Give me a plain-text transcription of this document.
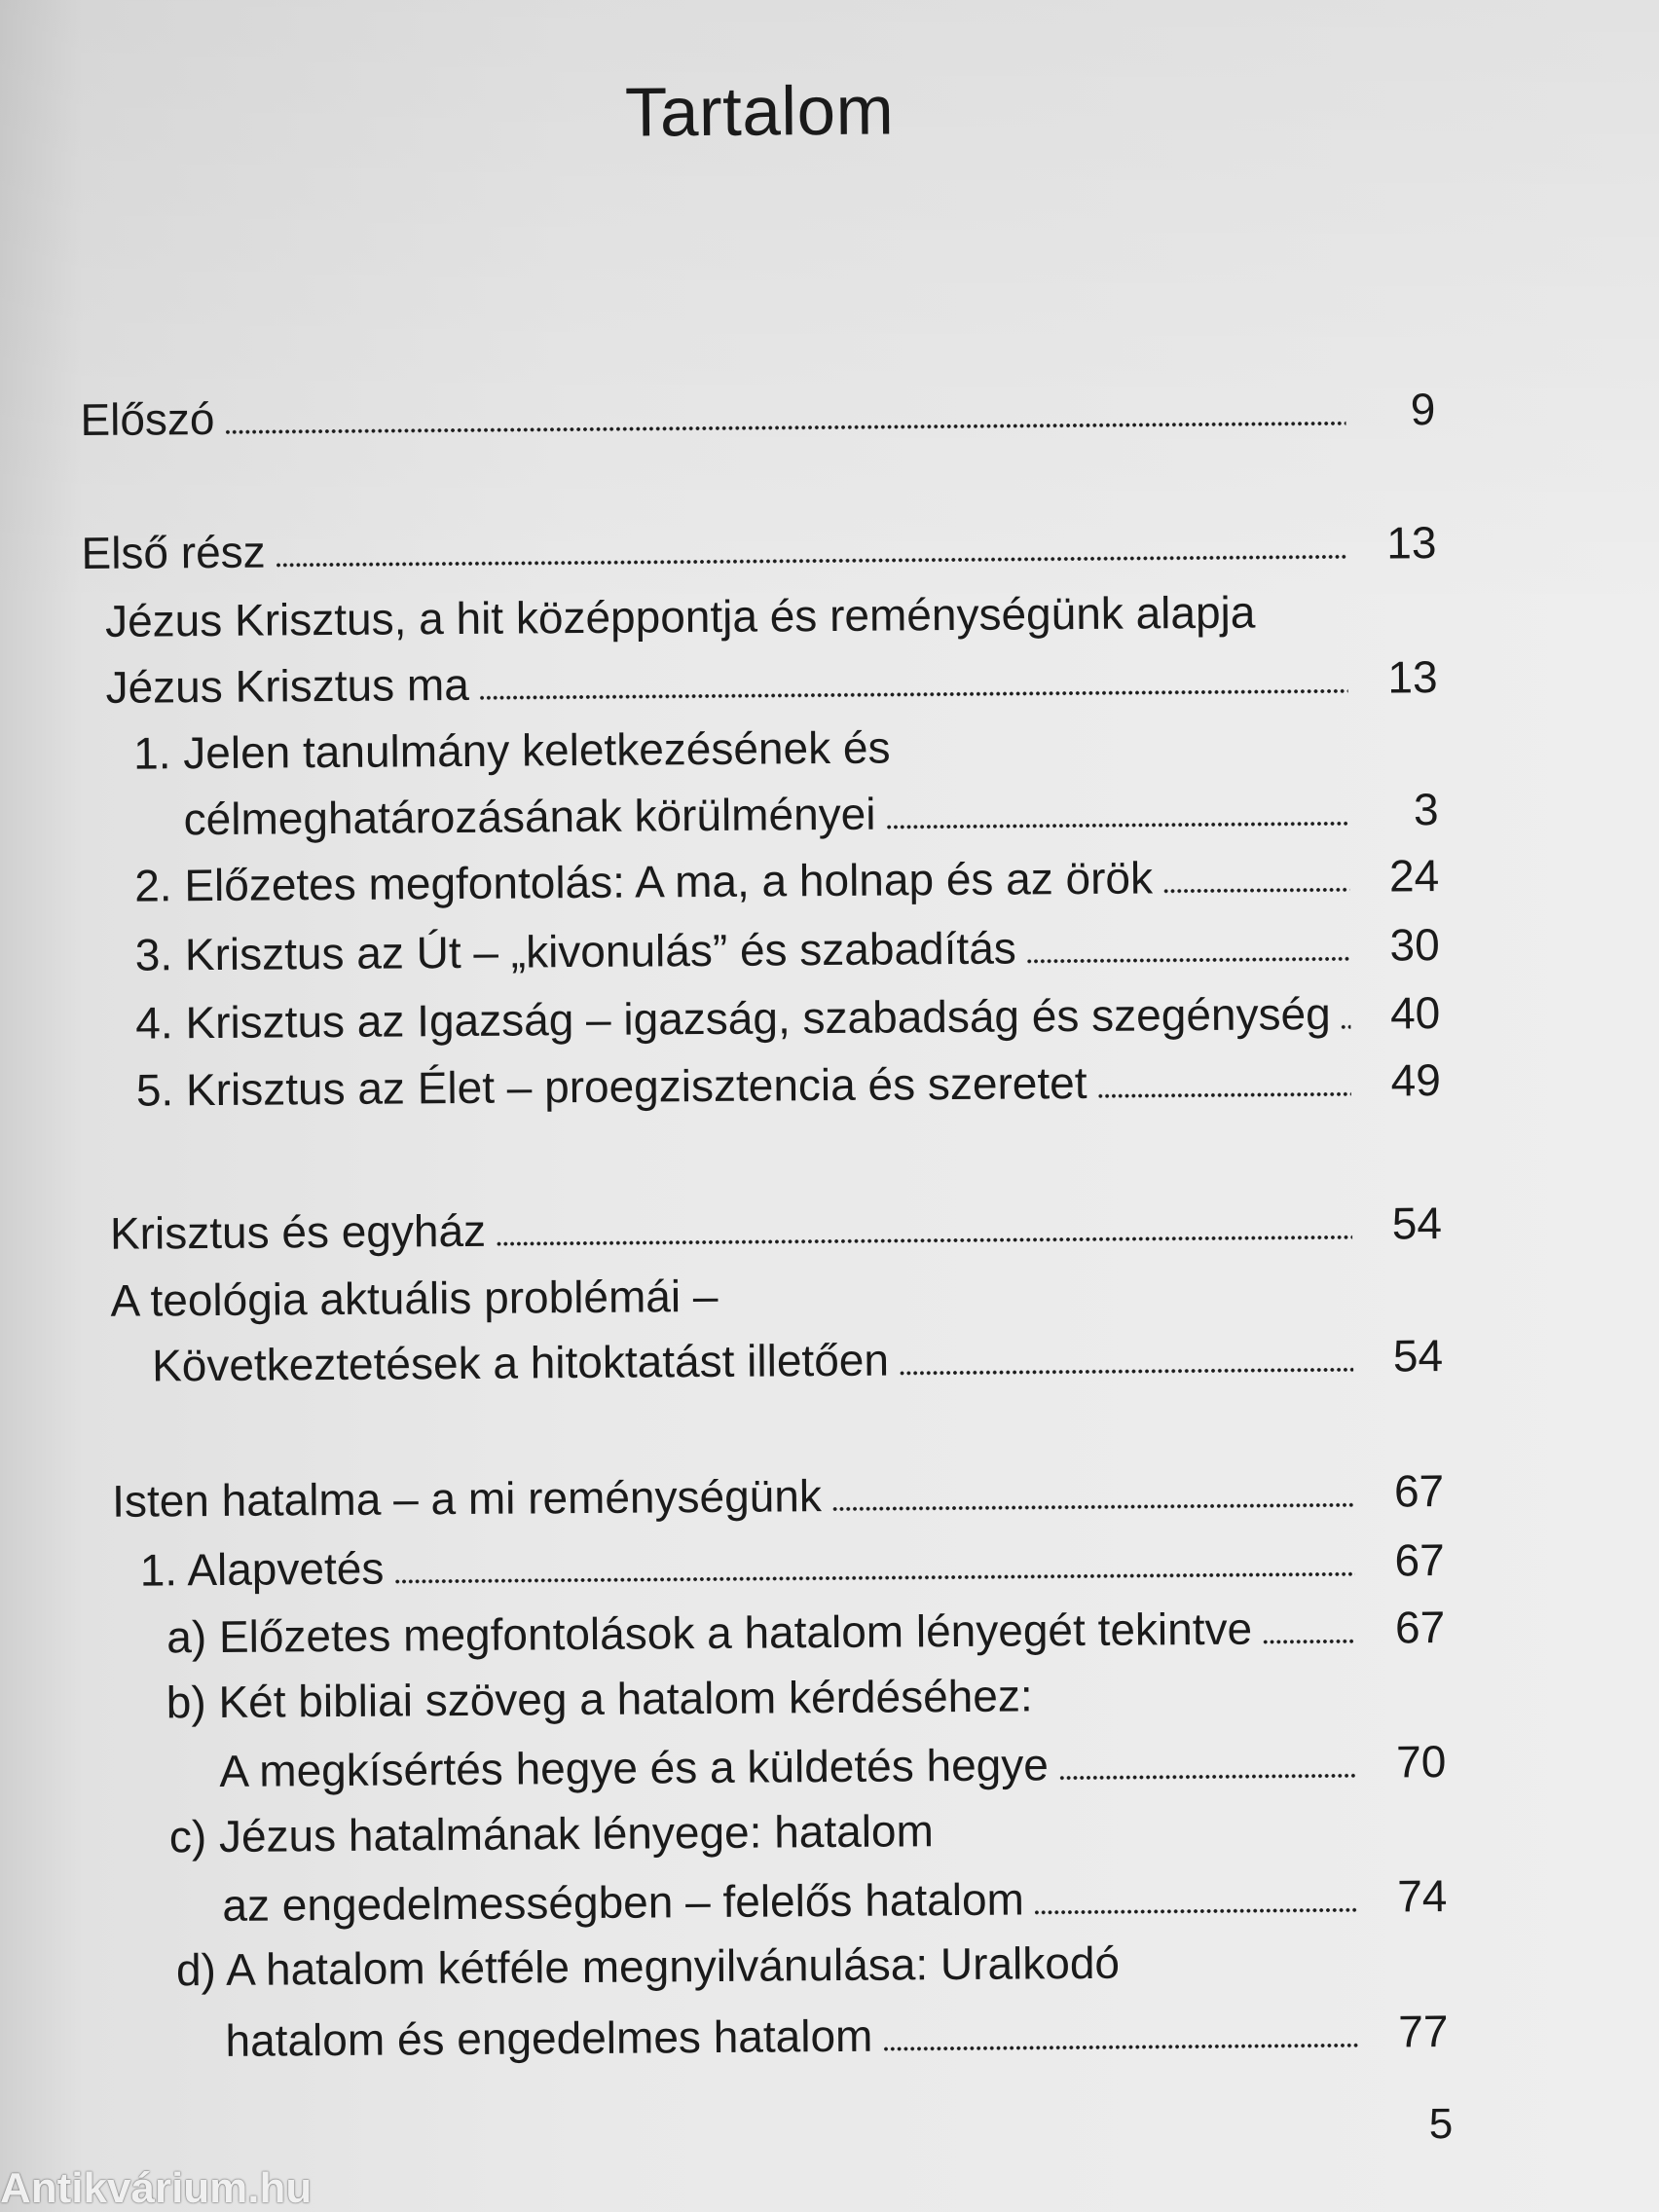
Tartalom
Előszó	9
Első rész	13
Jézus Krisztus, a hit középpontja és reménységünk alapja
Jézus Krisztus ma	13
1. Jelen tanulmány keletkezésének és
célmeghatározásának körülményei	3
2. Előzetes megfontolás: A ma, a holnap és az örök	24
3. Krisztus az Út – „kivonulás” és szabadítás	30
4. Krisztus az Igazság – igazság, szabadság és szegénység	40
5. Krisztus az Élet – proegzisztencia és szeretet	49
Krisztus és egyház	54
A teológia aktuális problémái –
Következtetések a hitoktatást illetően	54
Isten hatalma – a mi reménységünk	67
1. Alapvetés	67
a) Előzetes megfontolások a hatalom lényegét tekintve	67
b) Két bibliai szöveg a hatalom kérdéséhez:
A megkísértés hegye és a küldetés hegye	70
c) Jézus hatalmának lényege: hatalom
az engedelmességben – felelős hatalom	74
d) A hatalom kétféle megnyilvánulása: Uralkodó
hatalom és engedelmes hatalom	77
5
Antikvárium.hu
